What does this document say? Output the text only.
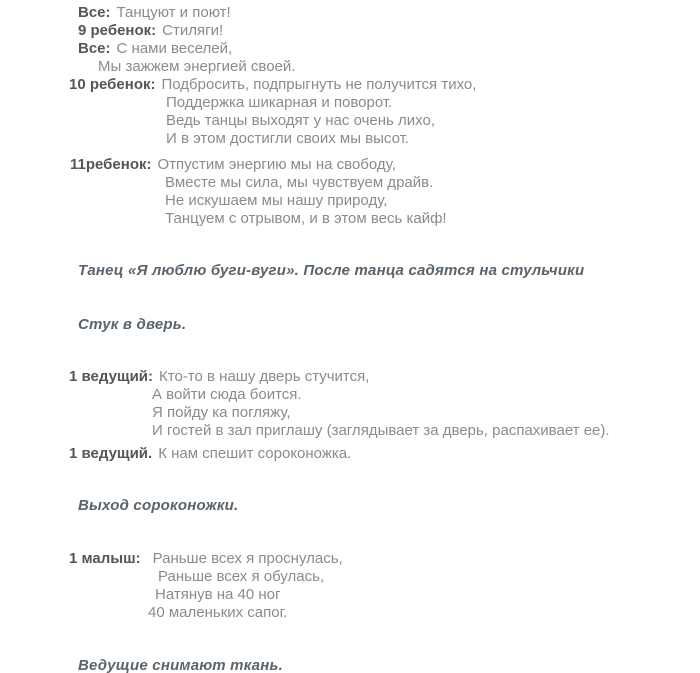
Все: Танцуют и поют!
9 ребенок: Стиляги!
Все: С нами веселей,
Мы зажжем энергией своей.
10 ребенок: Подбросить, подпрыгнуть не получится тихо,
Поддержка шикарная и поворот.
Ведь танцы выходят у нас очень лихо,
И в этом достигли своих мы высот.
11ребенок: Отпустим энергию мы на свободу,
Вместе мы сила, мы чувствуем драйв.
Не искушаем мы нашу природу,
Танцуем с отрывом, и в этом весь кайф!
Танец «Я люблю буги-вуги». После танца садятся на стульчики
Стук в дверь.
1 ведущий: Кто-то в нашу дверь стучится,
А войти сюда боится.
Я пойду ка погляжу,
И гостей в зал приглашу (заглядывает за дверь, распахивает ее).
1 ведущий. К нам спешит сороконожка.
Выход сороконожки.
1 малыш: Раньше всех я проснулась,
Раньше всех я обулась,
Натянув на 40 ног
40 маленьких сапог.
Ведущие снимают ткань.
